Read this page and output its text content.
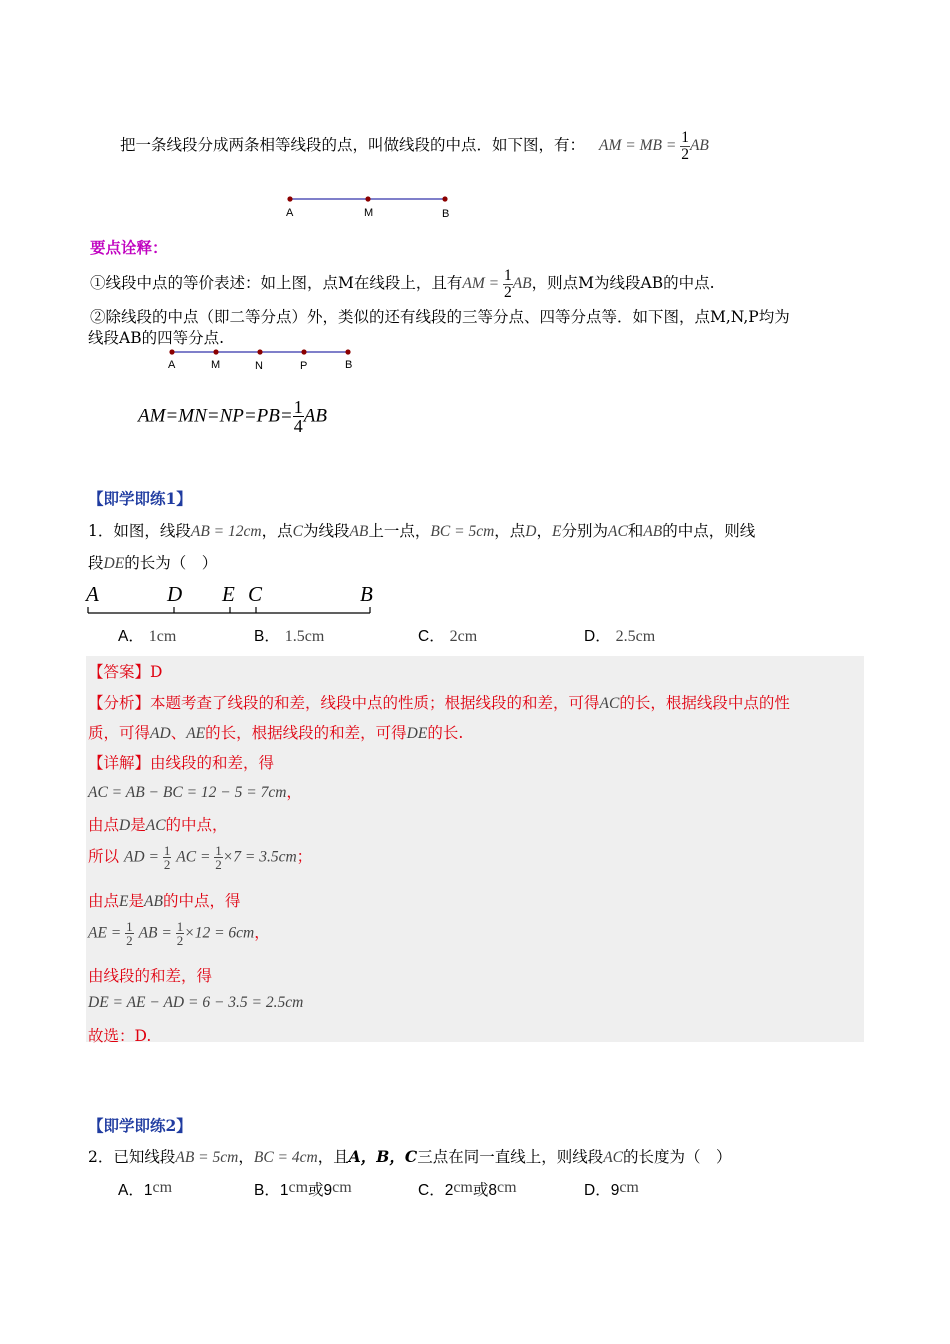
把一条线段分成两条相等线段的点，叫做线段的中点．如下图，有： AM = MB = $\frac{1}{2}$ AB
A	M	B
要点诠释：
①线段中点的等价表述：如上图，点M在线段上，且有AM = $\frac{1}{2}$ AB，则点M为线段AB的中点.
②除线段的中点（即二等分点）外，类似的还有线段的三等分点、四等分点等．如下图，点M,N,P均为
线段AB的四等分点.
A	M	N	P	B
$AM=MN=NP=PB= \frac{1}{4}$ AB
【即学即练1】
1．如图，线段AB = 12cm，点C为线段AB上一点，BC = 5cm，点D，E分别为AC和AB的中点，则线
段DE的长为（　）
A	D E C	B
A． 1cm	B． 1.5cm	C． 2cm	D． 2.5cm
【答案】D
【分析】本题考查了线段的和差，线段中点的性质；根据线段的和差，可得AC的长，根据线段中点的性
质，可得AD、AE的长，根据线段的和差，可得DE的长.
【详解】由线段的和差，得
AC = AB − BC = 12 − 5 = 7cm，
由点D是AC的中点，
所以 AD = $\frac{1}{2}$ AC = $\frac{1}{2} \times 7 = 3.5cm$；
由点E是AB的中点，得
AE = $\frac{1}{2}$ AB = $\frac{1}{2} \times 12 = 6cm$，
由线段的和差，得
DE = AE − AD = 6 − 3.5 = 2.5cm
故选：D.
【即学即练2】
2．已知线段AB = 5cm，BC = 4cm，且A，B，C三点在同一直线上，则线段AC的长度为（　）
A．1cm	B．1cm或9cm	C．2cm或8cm	D．9cm
